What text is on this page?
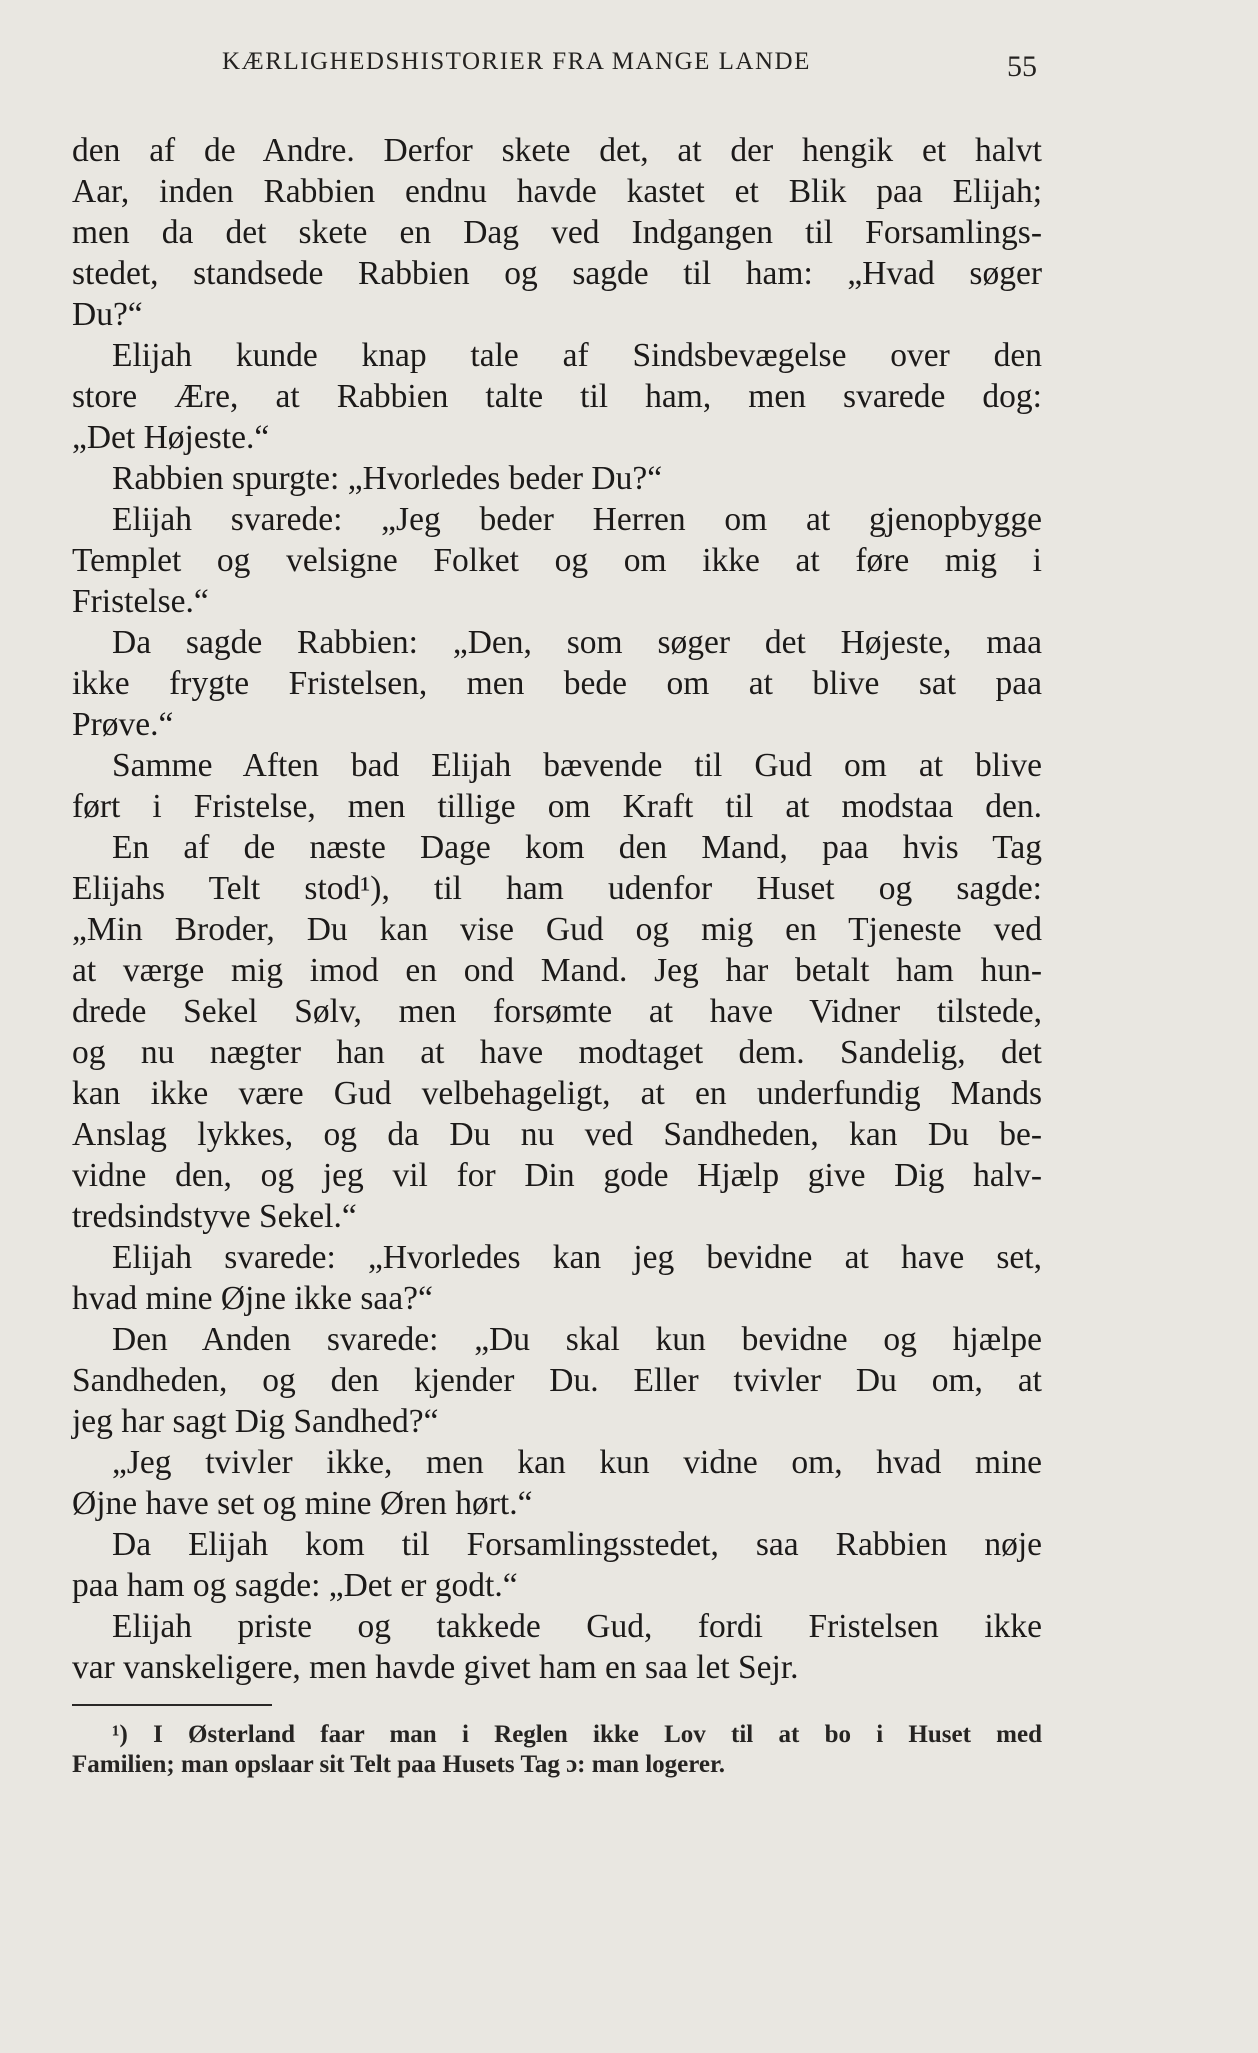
KÆRLIGHEDSHISTORIER FRA MANGE LANDE	55
den af de Andre. Derfor skete det, at der hengik et halvt
Aar, inden Rabbien endnu havde kastet et Blik paa Elijah;
men da det skete en Dag ved Indgangen til Forsamlings-
stedet, standsede Rabbien og sagde til ham: „Hvad søger
Du?“
Elijah kunde knap tale af Sindsbevægelse over den
store Ære, at Rabbien talte til ham, men svarede dog:
„Det Højeste.“
Rabbien spurgte: „Hvorledes beder Du?“
Elijah svarede: „Jeg beder Herren om at gjenopbygge
Templet og velsigne Folket og om ikke at føre mig i
Fristelse.“
Da sagde Rabbien: „Den, som søger det Højeste, maa
ikke frygte Fristelsen, men bede om at blive sat paa
Prøve.“
Samme Aften bad Elijah bævende til Gud om at blive
ført i Fristelse, men tillige om Kraft til at modstaa den.
En af de næste Dage kom den Mand, paa hvis Tag
Elijahs Telt stod¹), til ham udenfor Huset og sagde:
„Min Broder, Du kan vise Gud og mig en Tjeneste ved
at værge mig imod en ond Mand. Jeg har betalt ham hun-
drede Sekel Sølv, men forsømte at have Vidner tilstede,
og nu nægter han at have modtaget dem. Sandelig, det
kan ikke være Gud velbehageligt, at en underfundig Mands
Anslag lykkes, og da Du nu ved Sandheden, kan Du be-
vidne den, og jeg vil for Din gode Hjælp give Dig halv-
tredsindstyve Sekel.“
Elijah svarede: „Hvorledes kan jeg bevidne at have set,
hvad mine Øjne ikke saa?“
Den Anden svarede: „Du skal kun bevidne og hjælpe
Sandheden, og den kjender Du. Eller tvivler Du om, at
jeg har sagt Dig Sandhed?“
„Jeg tvivler ikke, men kan kun vidne om, hvad mine
Øjne have set og mine Øren hørt.“
Da Elijah kom til Forsamlingsstedet, saa Rabbien nøje
paa ham og sagde: „Det er godt.“
Elijah priste og takkede Gud, fordi Fristelsen ikke
var vanskeligere, men havde givet ham en saa let Sejr.
¹) I Østerland faar man i Reglen ikke Lov til at bo i Huset med
Familien; man opslaar sit Telt paa Husets Tag ɔ: man logerer.
